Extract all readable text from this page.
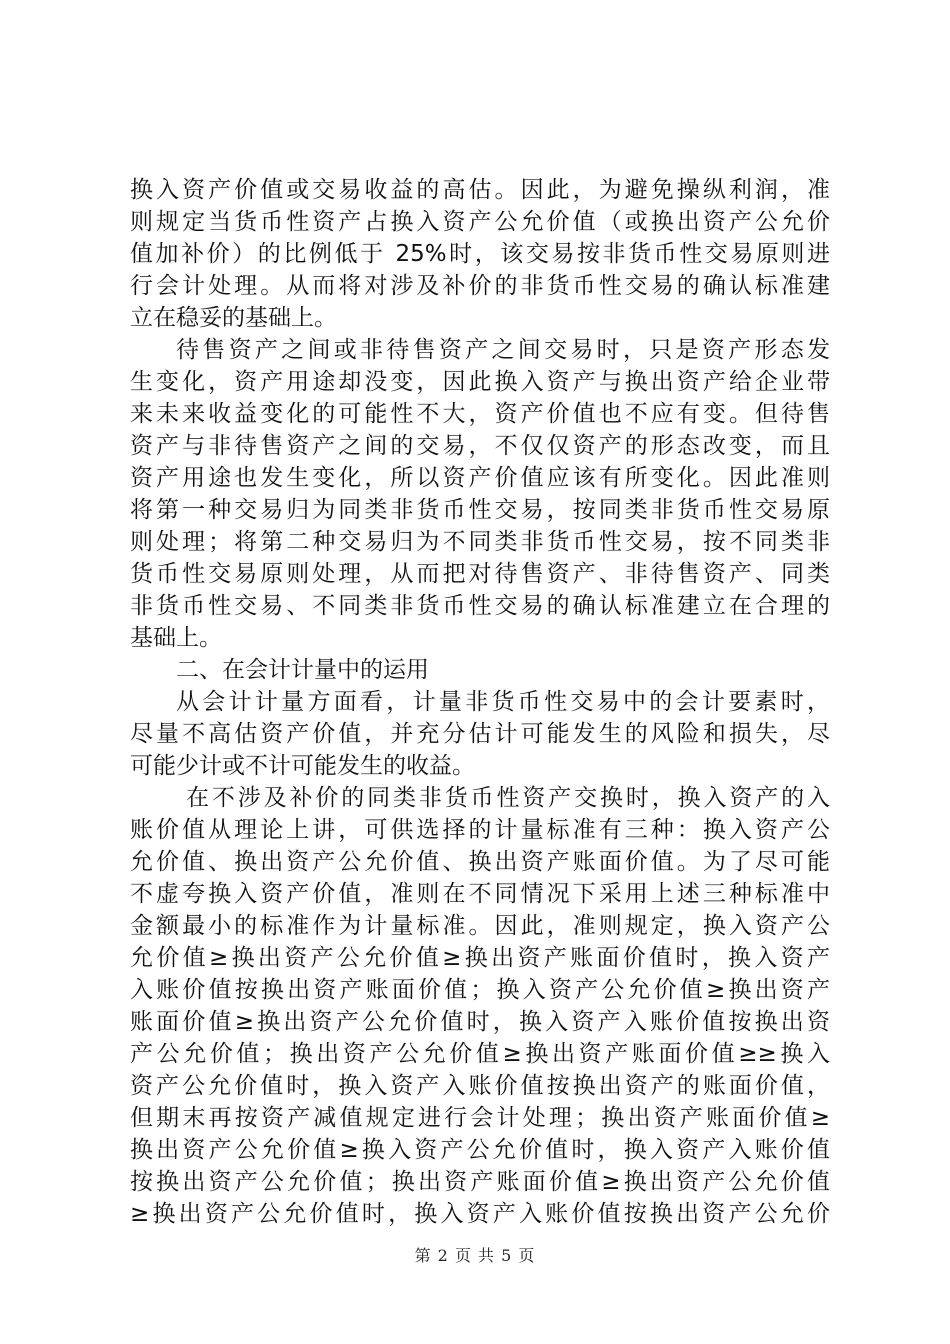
换入资产价值或交易收益的高估。因此，为避免操纵利润，准
则规定当货币性资产占换入资产公允价值（或换出资产公允价
值加补价）的比例低于 25%时，该交易按非货币性交易原则进
行会计处理。从而将对涉及补价的非货币性交易的确认标准建
立在稳妥的基础上。
待售资产之间或非待售资产之间交易时，只是资产形态发
生变化，资产用途却没变，因此换入资产与换出资产给企业带
来未来收益变化的可能性不大，资产价值也不应有变。但待售
资产与非待售资产之间的交易，不仅仅资产的形态改变，而且
资产用途也发生变化，所以资产价值应该有所变化。因此准则
将第一种交易归为同类非货币性交易，按同类非货币性交易原
则处理；将第二种交易归为不同类非货币性交易，按不同类非
货币性交易原则处理，从而把对待售资产、非待售资产、同类
非货币性交易、不同类非货币性交易的确认标准建立在合理的
基础上。
二、在会计计量中的运用
从会计计量方面看，计量非货币性交易中的会计要素时，
尽量不高估资产价值，并充分估计可能发生的风险和损失，尽
可能少计或不计可能发生的收益。
在不涉及补价的同类非货币性资产交换时，换入资产的入
账价值从理论上讲，可供选择的计量标准有三种：换入资产公
允价值、换出资产公允价值、换出资产账面价值。为了尽可能
不虚夸换入资产价值，准则在不同情况下采用上述三种标准中
金额最小的标准作为计量标准。因此，准则规定，换入资产公
允价值≥换出资产公允价值≥换出资产账面价值时，换入资产
入账价值按换出资产账面价值；换入资产公允价值≥换出资产
账面价值≥换出资产公允价值时，换入资产入账价值按换出资
产公允价值；换出资产公允价值≥换出资产账面价值≥≥换入
资产公允价值时，换入资产入账价值按换出资产的账面价值，
但期末再按资产减值规定进行会计处理；换出资产账面价值≥
换出资产公允价值≥换入资产公允价值时，换入资产入账价值
按换出资产公允价值；换出资产账面价值≥换出资产公允价值
≥换出资产公允价值时，换入资产入账价值按换出资产公允价
第 2 页 共 5 页
